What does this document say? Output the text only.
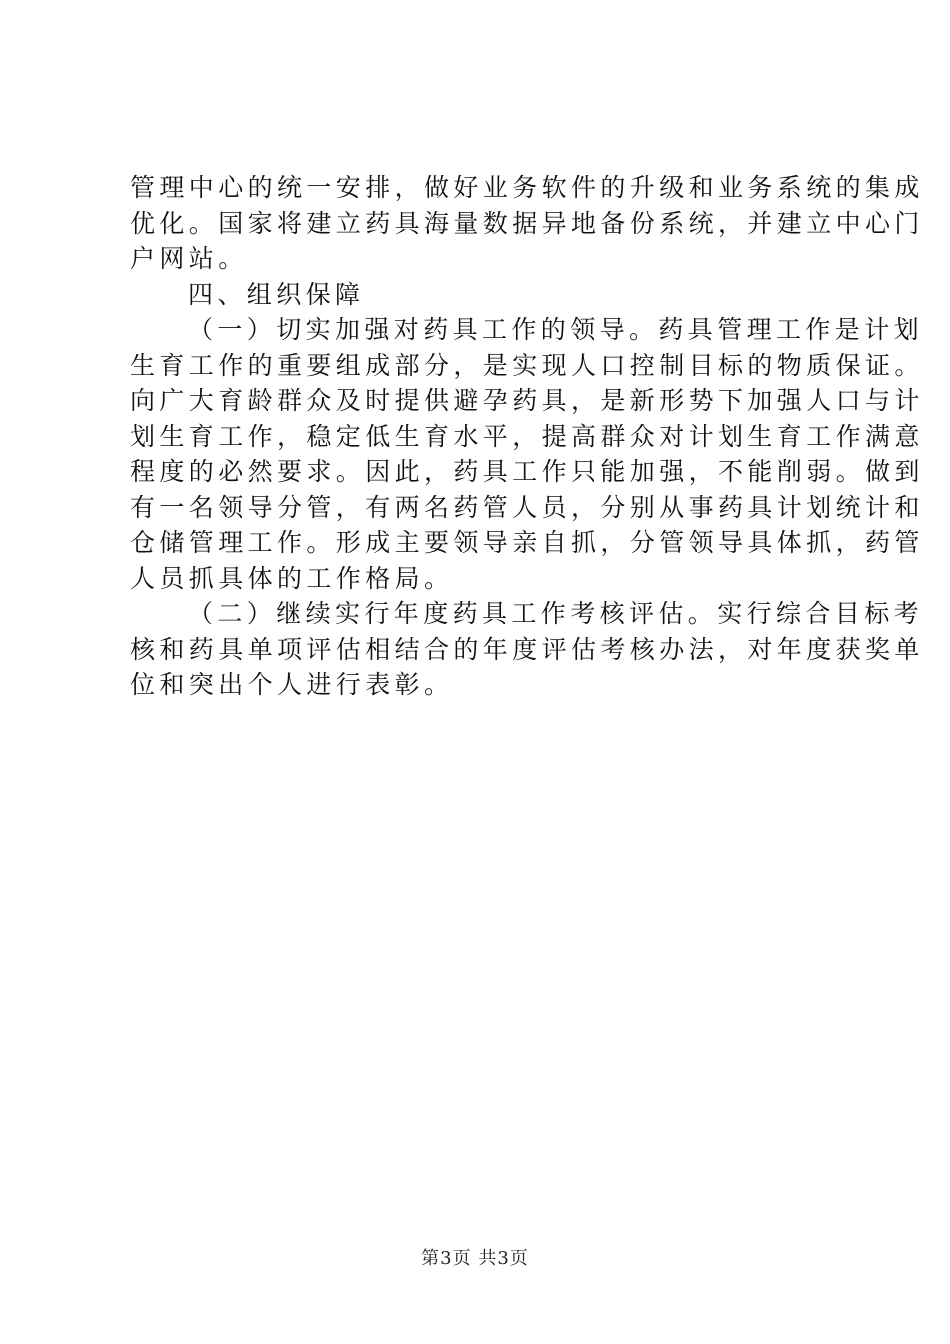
管理中心的统一安排，做好业务软件的升级和业务系统的集成
优化。国家将建立药具海量数据异地备份系统，并建立中心门
户网站。
四、组织保障
（一）切实加强对药具工作的领导。药具管理工作是计划
生育工作的重要组成部分，是实现人口控制目标的物质保证。
向广大育龄群众及时提供避孕药具，是新形势下加强人口与计
划生育工作，稳定低生育水平，提高群众对计划生育工作满意
程度的必然要求。因此，药具工作只能加强，不能削弱。做到
有一名领导分管，有两名药管人员，分别从事药具计划统计和
仓储管理工作。形成主要领导亲自抓，分管领导具体抓，药管
人员抓具体的工作格局。
（二）继续实行年度药具工作考核评估。实行综合目标考
核和药具单项评估相结合的年度评估考核办法，对年度获奖单
位和突出个人进行表彰。
第3页 共3页
